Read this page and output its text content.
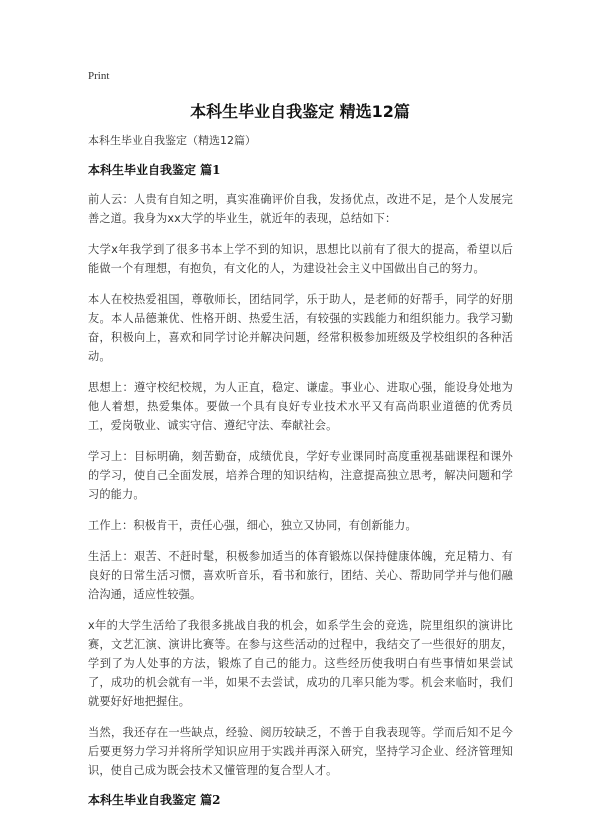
Print
本科生毕业自我鉴定 精选12篇

本科生毕业自我鉴定（精选12篇）

本科生毕业自我鉴定 篇1

前人云：人贵有自知之明，真实准确评价自我，发扬优点，改进不足，是个人发展完善之道。我身为xx大学的毕业生，就近年的表现，总结如下：

大学x年我学到了很多书本上学不到的知识，思想比以前有了很大的提高，希望以后能做一个有理想，有抱负，有文化的人，为建设社会主义中国做出自己的努力。

本人在校热爱祖国，尊敬师长，团结同学，乐于助人，是老师的好帮手，同学的好朋友。本人品德兼优、性格开朗、热爱生活，有较强的实践能力和组织能力。我学习勤奋，积极向上，喜欢和同学讨论并解决问题，经常积极参加班级及学校组织的各种活动。

思想上：遵守校纪校规，为人正直，稳定、谦虚。事业心、进取心强，能设身处地为他人着想，热爱集体。要做一个具有良好专业技术水平又有高尚职业道德的优秀员工，爱岗敬业、诚实守信、遵纪守法、奉献社会。

学习上：目标明确，刻苦勤奋，成绩优良，学好专业课同时高度重视基础课程和课外的学习，使自己全面发展，培养合理的知识结构，注意提高独立思考，解决问题和学习的能力。

工作上：积极肯干，责任心强，细心，独立又协同，有创新能力。

生活上：艰苦、不赶时髦，积极参加适当的体育锻炼以保持健康体魄，充足精力、有良好的日常生活习惯，喜欢听音乐，看书和旅行，团结、关心、帮助同学并与他们融洽沟通，适应性较强。

x年的大学生活给了我很多挑战自我的机会，如系学生会的竞选，院里组织的演讲比赛，文艺汇演、演讲比赛等。在参与这些活动的过程中，我结交了一些很好的朋友，学到了为人处事的方法，锻炼了自己的能力。这些经历使我明白有些事情如果尝试了，成功的机会就有一半，如果不去尝试，成功的几率只能为零。机会来临时，我们就要好好地把握住。

当然，我还存在一些缺点，经验、阅历较缺乏，不善于自我表现等。学而后知不足今后要更努力学习并将所学知识应用于实践并再深入研究，坚持学习企业、经济管理知识，使自己成为既会技术又懂管理的复合型人才。

本科生毕业自我鉴定 篇2
